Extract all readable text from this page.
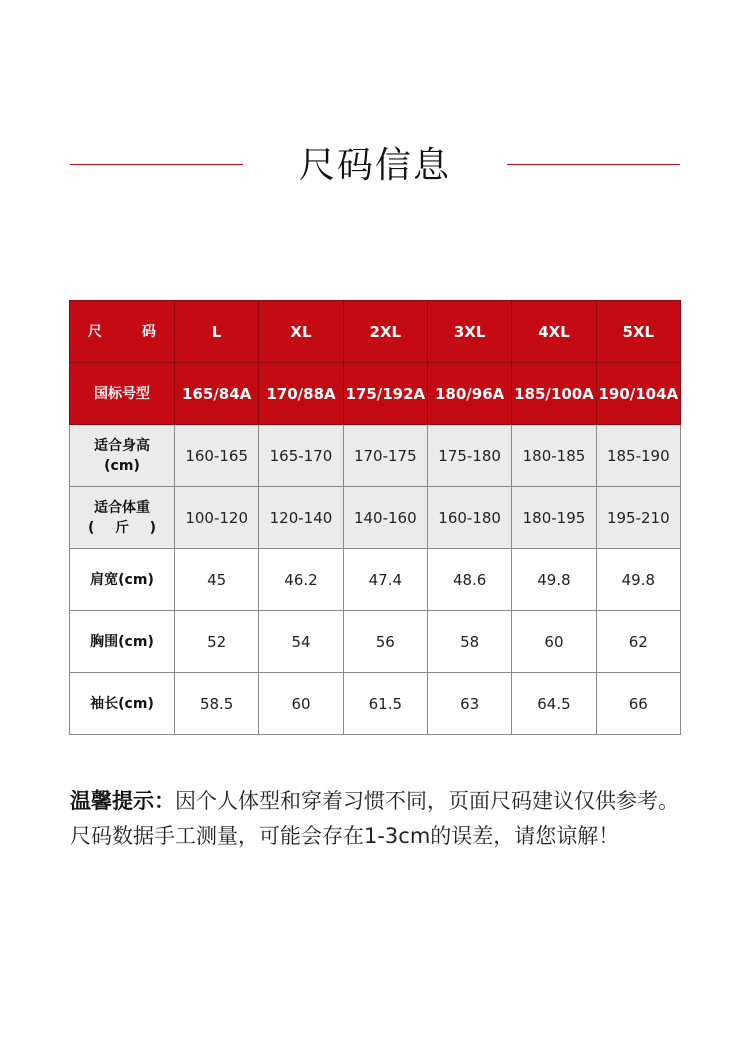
尺码信息
尺 码	L	XL	2XL	3XL	4XL	5XL
国标号型	165/84A	170/88A	175/192A	180/96A	185/100A	190/104A

适合身高
(cm)	160-165	165-170	170-175	175-180	180-185	185-190

适合体重
( 斤 )	100-120	120-140	140-160	160-180	180-195	195-210
肩宽(cm)	45	46.2	47.4	48.6	49.8	49.8
胸围(cm)	52	54	56	58	60	62
袖长(cm)	58.5	60	61.5	63	64.5	66
温馨提示：因个人体型和穿着习惯不同，页面尺码建议仅供参考。尺码数据手工测量，可能会存在1-3cm的误差，请您谅解！
